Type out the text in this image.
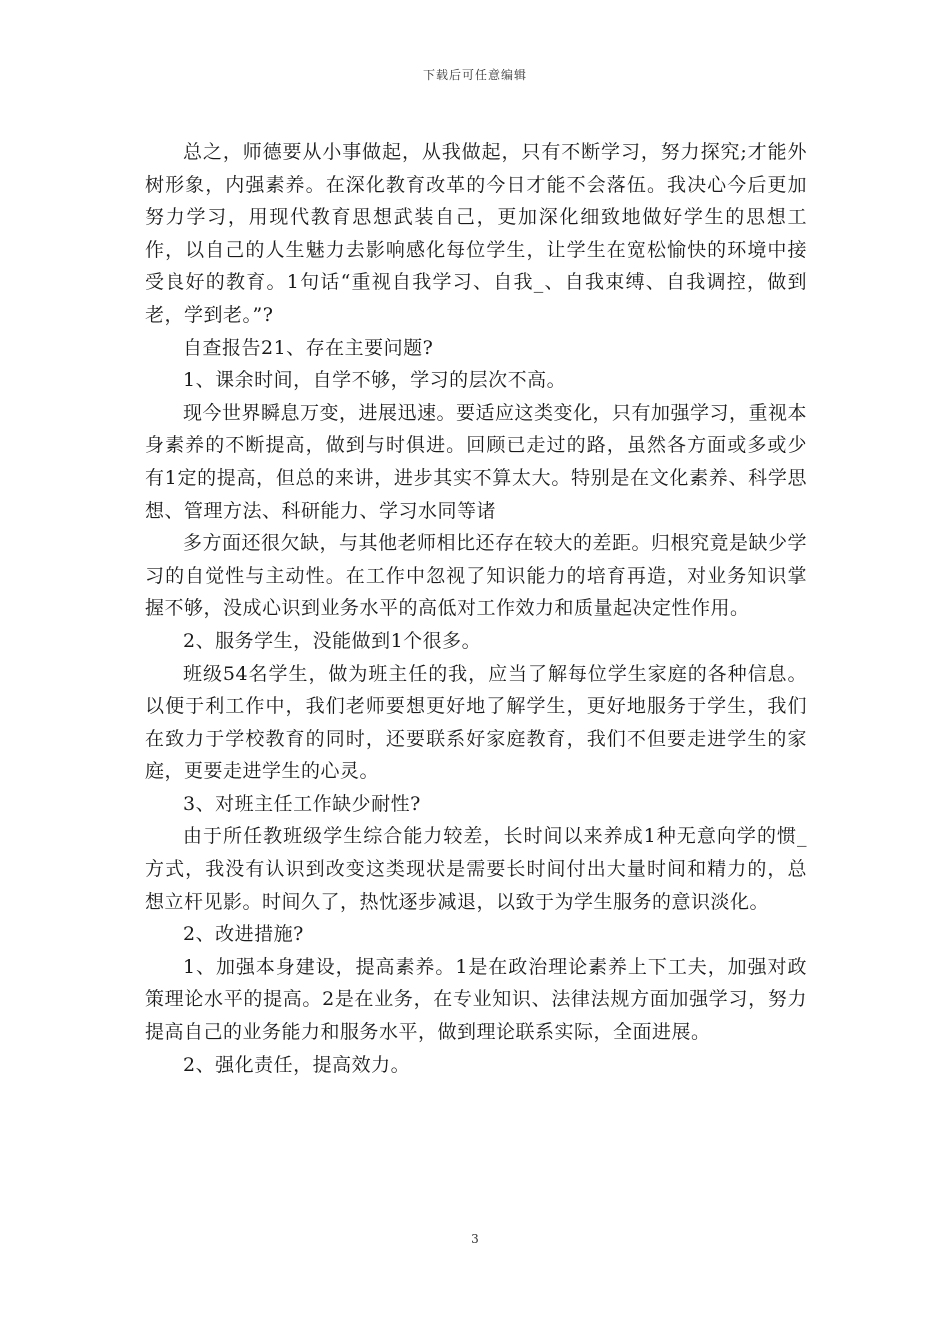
下载后可任意编辑

总之，师德要从小事做起，从我做起，只有不断学习，努力探究;才能外树形象，内强素养。在深化教育改革的今日才能不会落伍。我决心今后更加努力学习，用现代教育思想武装自己，更加深化细致地做好学生的思想工作，以自己的人生魅力去影响感化每位学生，让学生在宽松愉快的环境中接受良好的教育。1句话“重视自我学习、自我_、自我束缚、自我调控，做到老，学到老。”?

自查报告21、存在主要问题?

1、课余时间，自学不够，学习的层次不高。

现今世界瞬息万变，进展迅速。要适应这类变化，只有加强学习，重视本身素养的不断提高，做到与时俱进。回顾已走过的路，虽然各方面或多或少有1定的提高，但总的来讲，进步其实不算太大。特别是在文化素养、科学思想、管理方法、科研能力、学习水同等诸

多方面还很欠缺，与其他老师相比还存在较大的差距。归根究竟是缺少学习的自觉性与主动性。在工作中忽视了知识能力的培育再造，对业务知识掌握不够，没成心识到业务水平的高低对工作效力和质量起决定性作用。

2、服务学生，没能做到1个很多。

班级54名学生，做为班主任的我，应当了解每位学生家庭的各种信息。以便于利工作中，我们老师要想更好地了解学生，更好地服务于学生，我们在致力于学校教育的同时，还要联系好家庭教育，我们不但要走进学生的家庭，更要走进学生的心灵。

3、对班主任工作缺少耐性?

由于所任教班级学生综合能力较差，长时间以来养成1种无意向学的惯_方式，我没有认识到改变这类现状是需要长时间付出大量时间和精力的，总想立杆见影。时间久了，热忱逐步减退，以致于为学生服务的意识淡化。

2、改进措施?

1、加强本身建设，提高素养。1是在政治理论素养上下工夫，加强对政策理论水平的提高。2是在业务，在专业知识、法律法规方面加强学习，努力提高自己的业务能力和服务水平，做到理论联系实际，全面进展。

2、强化责任，提高效力。

3
